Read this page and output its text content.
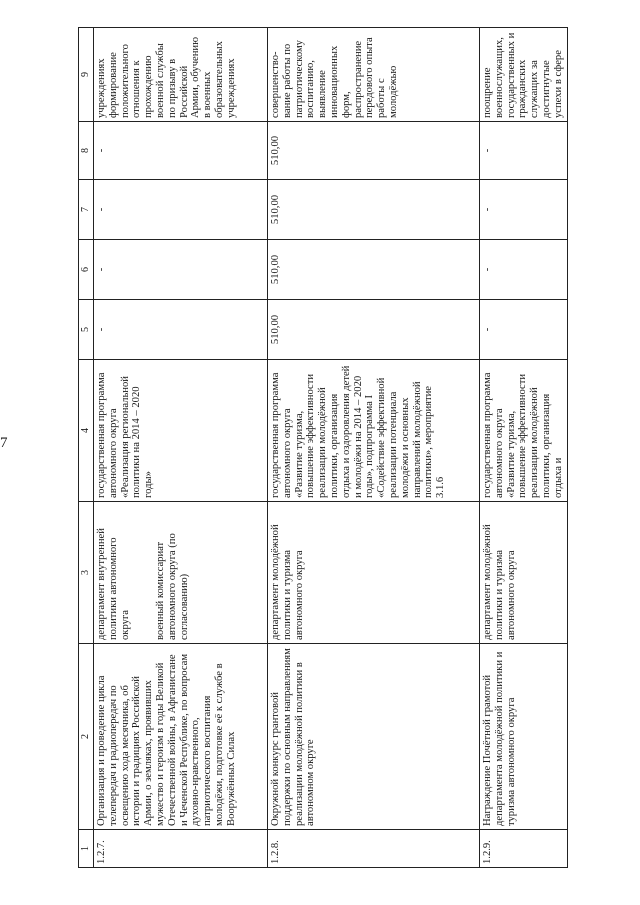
7
1	2	3	4	5	6	7	8	9
1.2.7.	Организация и проведение цикла телепередач и радиопередач по освещению хода месячника, об истории и традициях Российской Армии, о земляках, проявивших мужество и героизм в годы Великой Отечественной войны, в Афганистане и Чеченской Республике, по вопросам духовно-нравственного, патриотического воспитания молодёжи, подготовке её к службе в Вооружённых Силах	департамент внутренней политики автономного округа военный комиссариат автономного округа (по согласованию)	государственная программа автономного округа «Реализация региональной политики на 2014 – 2020 годы»	-	-	-	-	учреждениях формирование положительного отношения к прохождению военной службы по призыву в Российской Армии, обучению в военных образовательных учреждениях
1.2.8.	Окружной конкурс грантовой поддержки по основным направлениям реализации молодёжной политики в автономном округе	департамент молодёжной политики и туризма автономного округа	государственная программа автономного округа «Развитие туризма, повышение эффективности реализации молодёжной политики, организация отдыха и оздоровления детей и молодёжи на 2014 – 2020 годы», подпрограмма I «Содействие эффективной реализации потенциала молодёжи и основных направлений молодёжной политики», мероприятие 3.1.6	510,00	510,00	510,00	510,00	совершенство-вание работы по патриотическому воспитанию, выявление инновационных форм, распространение передового опыта работы с молодёжью
1.2.9.	Награждение Почётной грамотой департамента молодёжной политики и туризма автономного округа	департамент молодёжной политики и туризма автономного округа	государственная программа автономного округа «Развитие туризма, повышение эффективности реализации молодёжной политики, организация отдыха и	-	-	-	-	поощрение военнослужащих, государственных и гражданских служащих за достигнутые успехи в сфере
